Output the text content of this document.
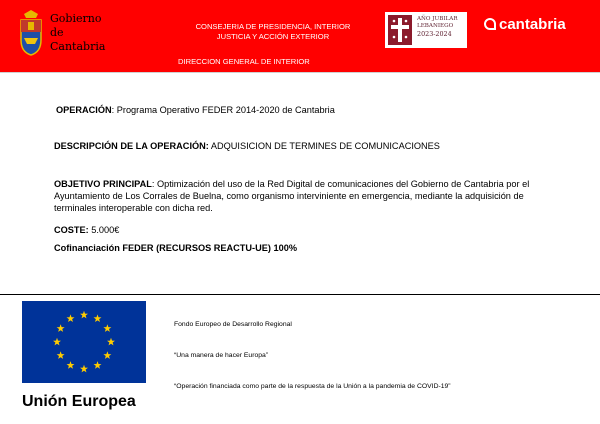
Gobierno
de
Cantabria
CONSEJERIA DE PRESIDENCIA, INTERIOR
JUSTICIA Y ACCIÓN EXTERIOR
DIRECCION GENERAL DE INTERIOR
AÑO JUBILAR
LEBANIEGO
2023-2024
cantabria

OPERACIÓN: Programa Operativo FEDER 2014-2020 de Cantabria

DESCRIPCIÓN DE LA OPERACIÓN: ADQUISICION DE TERMINES DE COMUNICACIONES

OBJETIVO PRINCIPAL: Optimización del uso de la Red Digital de comunicaciones del Gobierno de Cantabria por el Ayuntamiento de Los Corrales de Buelna, como organismo interviniente en emergencia, mediante la adquisición de terminales interoperable con dicha red.

COSTE: 5.000€

Cofinanciación FEDER (RECURSOS REACTU-UE) 100%

Unión Europea

Fondo Europeo de Desarrollo Regional

“Una manera de hacer Europa”

“Operación financiada como parte de la respuesta de la Unión a la pandemia de COVID-19”
